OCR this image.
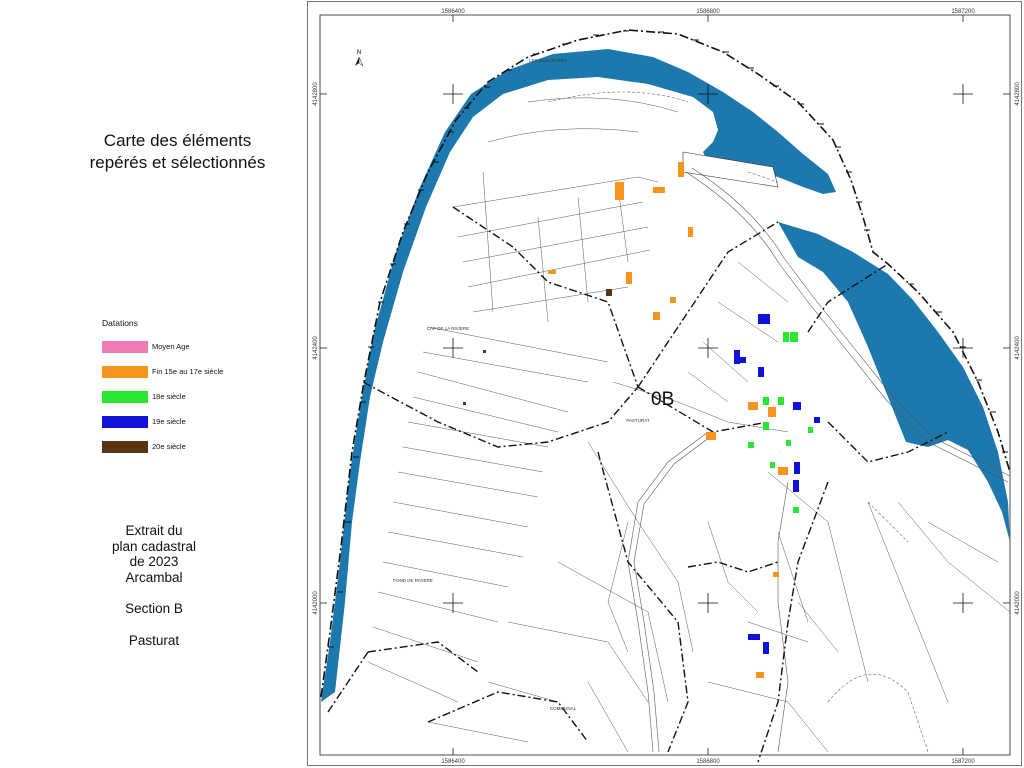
Carte des éléments
repérés et sélectionnés
Datations
Moyen Age
Fin 15e au 17e siècle
18e siècle
19e siècle
20e siècle
Extrait du
plan cadastral
de 2023
Arcambal
Section B
Pasturat
1586400	1586800	1587200
1586400	1586800	1587200
4142800
4142400
4142000
4142800
4142400
4142000
N
LES GULLOURES
CAP DE LA RIVIERE
PASTURAT
FOND DE RIVIERE
COMMUNAL
0B
